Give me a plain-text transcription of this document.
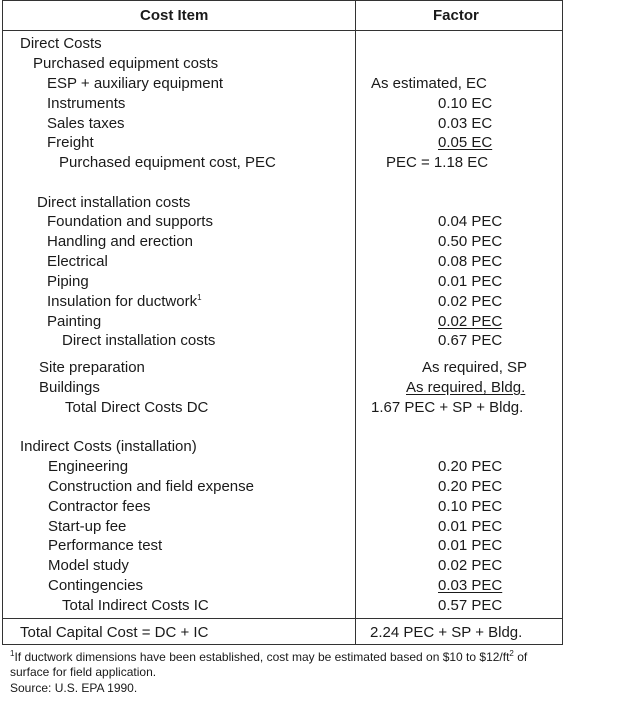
Cost Item	Factor
Direct Costs
Purchased equipment costs
ESP + auxiliary equipment	As estimated, EC
Instruments	0.10 EC
Sales taxes	0.03 EC
Freight	0.05 EC
Purchased equipment cost, PEC	PEC = 1.18 EC
Direct installation costs
Foundation and supports	0.04 PEC
Handling and erection	0.50 PEC
Electrical	0.08 PEC
Piping	0.01 PEC
Insulation for ductwork$^1$	0.02 PEC
Painting	0.02 PEC
Direct installation costs	0.67 PEC
Site preparation	As required, SP
Buildings	As required, Bldg.
Total Direct Costs DC	1.67 PEC + SP + Bldg.
Indirect Costs (installation)
Engineering	0.20 PEC
Construction and field expense	0.20 PEC
Contractor fees	0.10 PEC
Start-up fee	0.01 PEC
Performance test	0.01 PEC
Model study	0.02 PEC
Contingencies	0.03 PEC
Total Indirect Costs IC	0.57 PEC
Total Capital Cost = DC + IC	2.24 PEC + SP + Bldg.
$^1$If ductwork dimensions have been established, cost may be estimated based on $10 to $\$12/ft^2$ of
surface for field application.
Source: U.S. EPA 1990.
